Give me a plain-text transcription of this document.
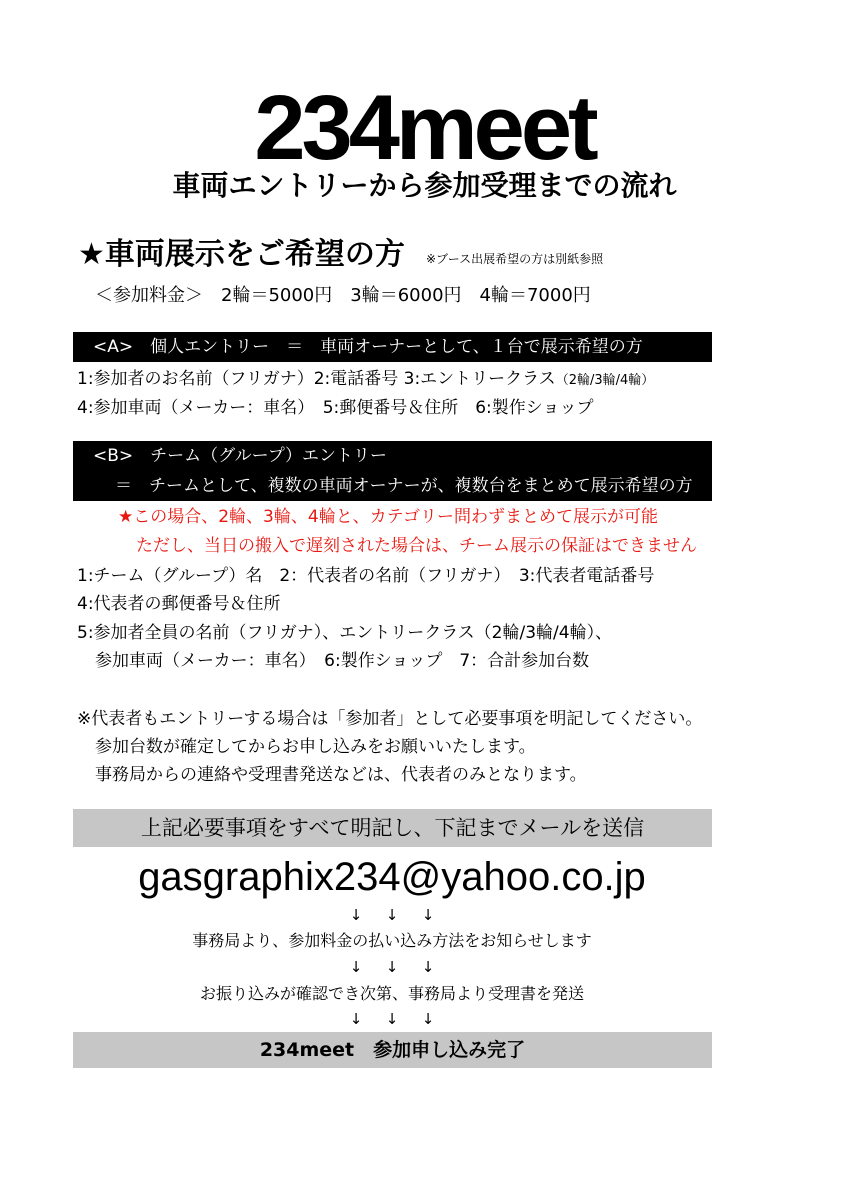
234meet
車両エントリーから参加受理までの流れ
★車両展示をご希望の方 ※ブース出展希望の方は別紙参照
＜参加料金＞　2輪＝5000円　3輪＝6000円　4輪＝7000円
<A>　個人エントリー　＝　車両オーナーとして、１台で展示希望の方
1:参加者のお名前（フリガナ）2:電話番号 3:エントリークラス（2輪/3輪/4輪）
4:参加車両（メーカー：車名）　5:郵便番号＆住所　6:製作ショップ
<B>　チーム（グループ）エントリー
＝　チームとして、複数の車両オーナーが、複数台をまとめて展示希望の方
★この場合、2輪、3輪、4輪と、カテゴリー問わずまとめて展示が可能
ただし、当日の搬入で遅刻された場合は、チーム展示の保証はできません
1:チーム（グループ）名　2：代表者の名前（フリガナ）　3:代表者電話番号
4:代表者の郵便番号＆住所
5:参加者全員の名前（フリガナ）、エントリークラス（2輪/3輪/4輪）、
参加車両（メーカー：車名）　6:製作ショップ　7：合計参加台数
※代表者もエントリーする場合は「参加者」として必要事項を明記してください。
参加台数が確定してからお申し込みをお願いいたします。
事務局からの連絡や受理書発送などは、代表者のみとなります。
上記必要事項をすべて明記し、下記までメールを送信
gasgraphix234@yahoo.co.jp
↓ ↓ ↓
事務局より、参加料金の払い込み方法をお知らせします
↓ ↓ ↓
お振り込みが確認でき次第、事務局より受理書を発送
↓ ↓ ↓
234meet　参加申し込み完了
